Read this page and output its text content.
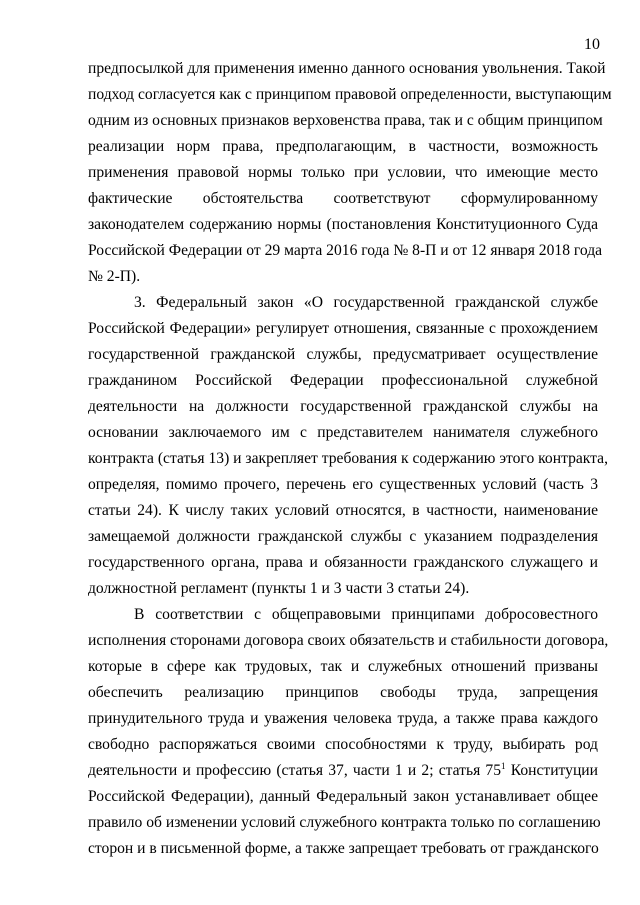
10
предпосылкой для применения именно данного основания увольнения. Такой
подход согласуется как с принципом правовой определенности, выступающим
одним из основных признаков верховенства права, так и с общим принципом
реализации норм права, предполагающим, в частности, возможность
применения правовой нормы только при условии, что имеющие место
фактические обстоятельства соответствуют сформулированному
законодателем содержанию нормы (постановления Конституционного Суда
Российской Федерации от 29 марта 2016 года № 8-П и от 12 января 2018 года
№ 2-П).
3. Федеральный закон «О государственной гражданской службе
Российской Федерации» регулирует отношения, связанные с прохождением
государственной гражданской службы, предусматривает осуществление
гражданином Российской Федерации профессиональной служебной
деятельности на должности государственной гражданской службы на
основании заключаемого им с представителем нанимателя служебного
контракта (статья 13) и закрепляет требования к содержанию этого контракта,
определяя, помимо прочего, перечень его существенных условий (часть 3
статьи 24). К числу таких условий относятся, в частности, наименование
замещаемой должности гражданской службы с указанием подразделения
государственного органа, права и обязанности гражданского служащего и
должностной регламент (пункты 1 и 3 части 3 статьи 24).
В соответствии с общеправовыми принципами добросовестного
исполнения сторонами договора своих обязательств и стабильности договора,
которые в сфере как трудовых, так и служебных отношений призваны
обеспечить реализацию принципов свободы труда, запрещения
принудительного труда и уважения человека труда, а также права каждого
свободно распоряжаться своими способностями к труду, выбирать род
деятельности и профессию (статья 37, части 1 и 2; статья $75^1$ Конституции
Российской Федерации), данный Федеральный закон устанавливает общее
правило об изменении условий служебного контракта только по соглашению
сторон и в письменной форме, а также запрещает требовать от гражданского
